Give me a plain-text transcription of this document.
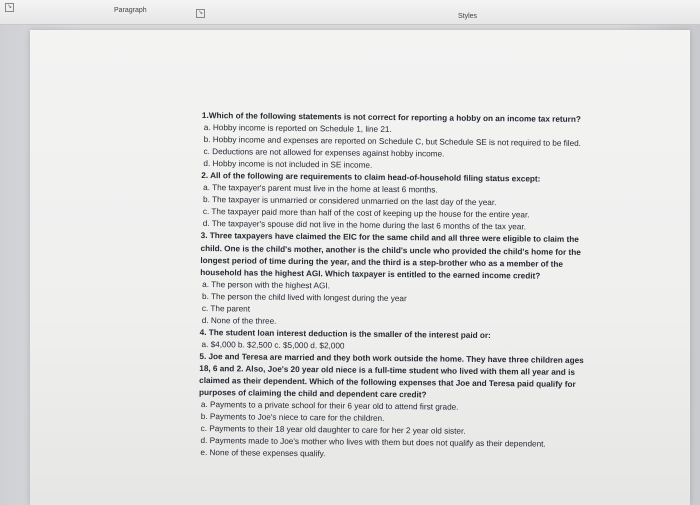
↘	Paragraph	↘	Styles
1.Which of the following statements is not correct for reporting a hobby on an income tax return?
a. Hobby income is reported on Schedule 1, line 21.
b. Hobby income and expenses are reported on Schedule C, but Schedule SE is not required to be filed.
c. Deductions are not allowed for expenses against hobby income.
d. Hobby income is not included in SE income.
2. All of the following are requirements to claim head-of-household filing status except:
a. The taxpayer's parent must live in the home at least 6 months.
b. The taxpayer is unmarried or considered unmarried on the last day of the year.
c. The taxpayer paid more than half of the cost of keeping up the house for the entire year.
d. The taxpayer's spouse did not live in the home during the last 6 months of the tax year.
3. Three taxpayers have claimed the EIC for the same child and all three were eligible to claim the
child. One is the child's mother, another is the child's uncle who provided the child's home for the
longest period of time during the year, and the third is a step-brother who as a member of the
household has the highest AGI. Which taxpayer is entitled to the earned income credit?
a. The person with the highest AGI.
b. The person the child lived with longest during the year
c. The parent
d. None of the three.
4. The student loan interest deduction is the smaller of the interest paid or:
a. $4,000 b. $2,500 c. $5,000 d. $2,000
5. Joe and Teresa are married and they both work outside the home. They have three children ages
18, 6 and 2. Also, Joe's 20 year old niece is a full-time student who lived with them all year and is
claimed as their dependent. Which of the following expenses that Joe and Teresa paid qualify for
purposes of claiming the child and dependent care credit?
a. Payments to a private school for their 6 year old to attend first grade.
b. Payments to Joe's niece to care for the children.
c. Payments to their 18 year old daughter to care for her 2 year old sister.
d. Payments made to Joe's mother who lives with them but does not qualify as their dependent.
e. None of these expenses qualify.
